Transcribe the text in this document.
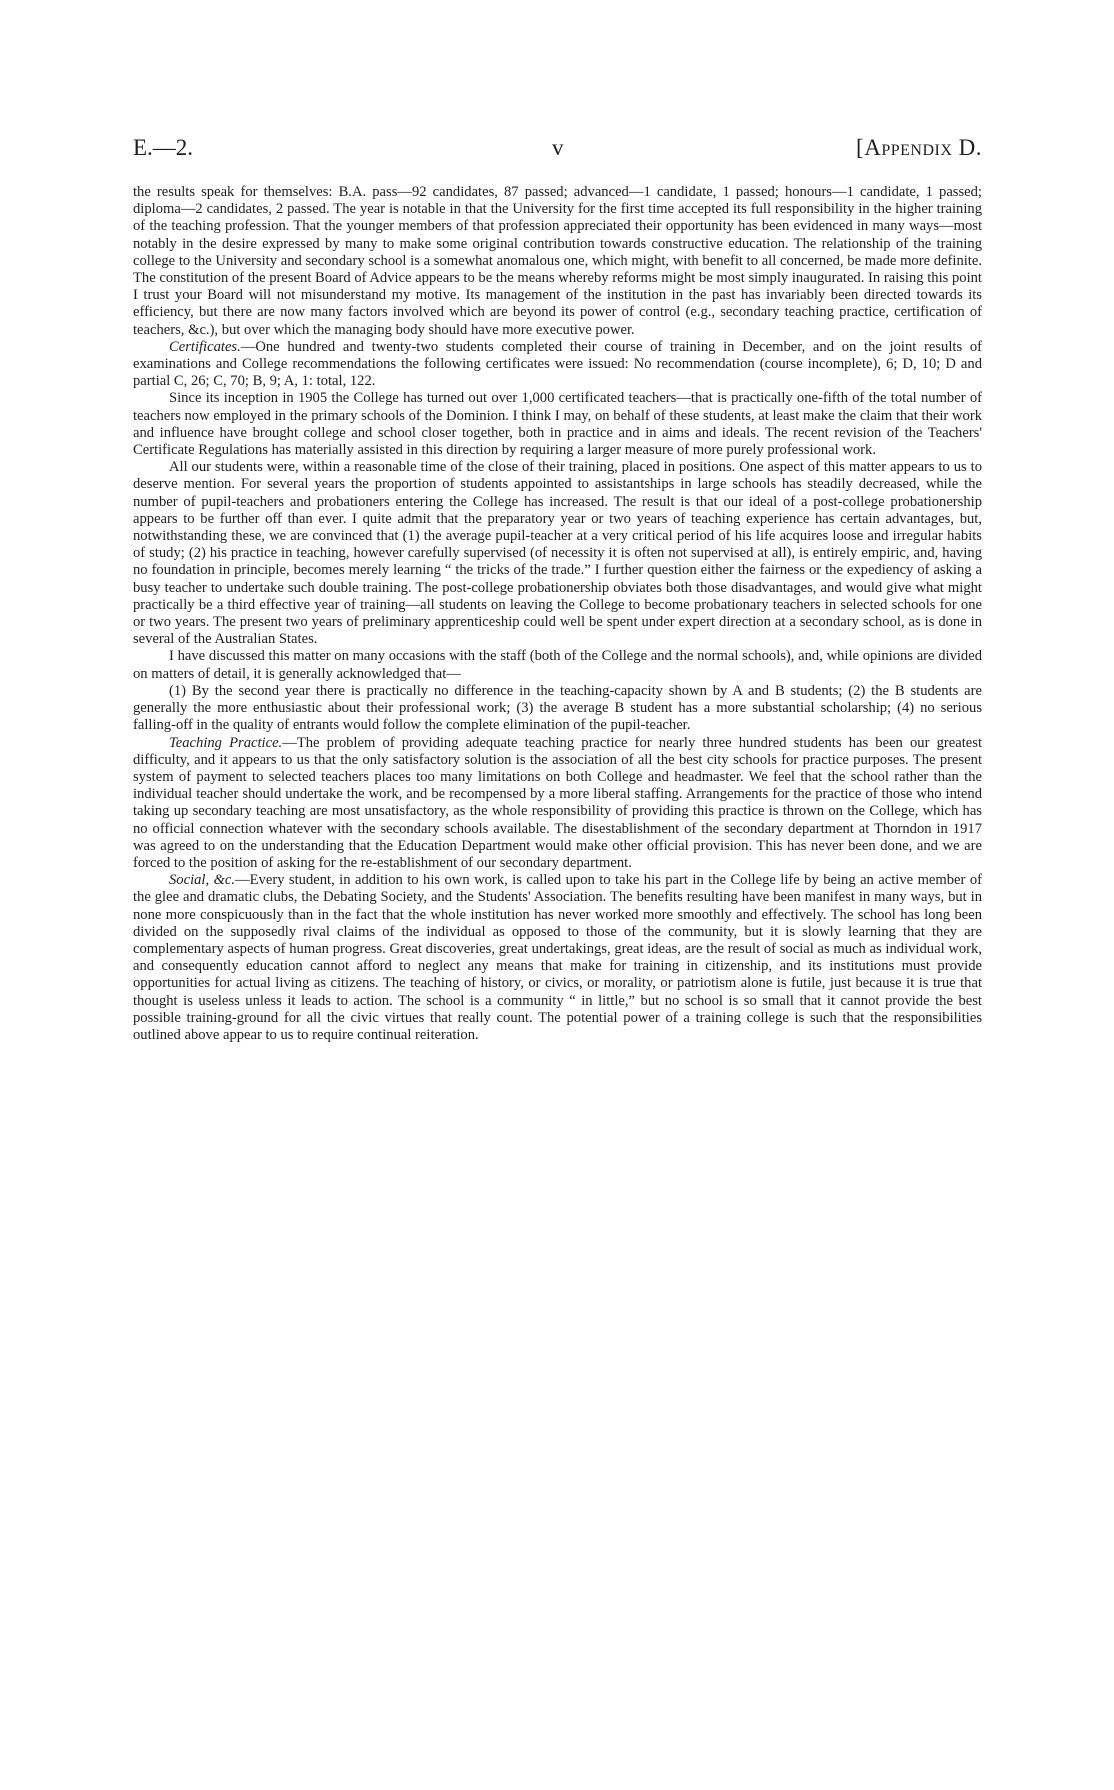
E.—2.	v	[Appendix D.

the results speak for themselves: B.A. pass—92 candidates, 87 passed; advanced—1 candidate, 1 passed; honours—1 candidate, 1 passed; diploma—2 candidates, 2 passed. The year is notable in that the University for the first time accepted its full responsibility in the higher training of the teaching profession. That the younger members of that profession appreciated their opportunity has been evidenced in many ways—most notably in the desire expressed by many to make some original contribution towards constructive education. The relationship of the training college to the University and secondary school is a somewhat anomalous one, which might, with benefit to all concerned, be made more definite. The constitution of the present Board of Advice appears to be the means whereby reforms might be most simply inaugurated. In raising this point I trust your Board will not misunderstand my motive. Its management of the institution in the past has invariably been directed towards its efficiency, but there are now many factors involved which are beyond its power of control (e.g., secondary teaching practice, certification of teachers, &c.), but over which the managing body should have more executive power.

Certificates.—One hundred and twenty-two students completed their course of training in December, and on the joint results of examinations and College recommendations the following certificates were issued: No recommendation (course incomplete), 6; D, 10; D and partial C, 26; C, 70; B, 9; A, 1: total, 122.

Since its inception in 1905 the College has turned out over 1,000 certificated teachers—that is practically one-fifth of the total number of teachers now employed in the primary schools of the Dominion. I think I may, on behalf of these students, at least make the claim that their work and influence have brought college and school closer together, both in practice and in aims and ideals. The recent revision of the Teachers' Certificate Regulations has materially assisted in this direction by requiring a larger measure of more purely professional work.

All our students were, within a reasonable time of the close of their training, placed in positions. One aspect of this matter appears to us to deserve mention. For several years the proportion of students appointed to assistantships in large schools has steadily decreased, while the number of pupil-teachers and probationers entering the College has increased. The result is that our ideal of a post-college probationership appears to be further off than ever. I quite admit that the preparatory year or two years of teaching experience has certain advantages, but, notwithstanding these, we are convinced that (1) the average pupil-teacher at a very critical period of his life acquires loose and irregular habits of study; (2) his practice in teaching, however carefully supervised (of necessity it is often not supervised at all), is entirely empiric, and, having no foundation in principle, becomes merely learning “ the tricks of the trade.” I further question either the fairness or the expediency of asking a busy teacher to undertake such double training. The post-college probationership obviates both those disadvantages, and would give what might practically be a third effective year of training—all students on leaving the College to become probationary teachers in selected schools for one or two years. The present two years of preliminary apprenticeship could well be spent under expert direction at a secondary school, as is done in several of the Australian States.

I have discussed this matter on many occasions with the staff (both of the College and the normal schools), and, while opinions are divided on matters of detail, it is generally acknowledged that—

(1) By the second year there is practically no difference in the teaching-capacity shown by A and B students; (2) the B students are generally the more enthusiastic about their professional work; (3) the average B student has a more substantial scholarship; (4) no serious falling-off in the quality of entrants would follow the complete elimination of the pupil-teacher.

Teaching Practice.—The problem of providing adequate teaching practice for nearly three hundred students has been our greatest difficulty, and it appears to us that the only satisfactory solution is the association of all the best city schools for practice purposes. The present system of payment to selected teachers places too many limitations on both College and headmaster. We feel that the school rather than the individual teacher should undertake the work, and be recompensed by a more liberal staffing. Arrangements for the practice of those who intend taking up secondary teaching are most unsatisfactory, as the whole responsibility of providing this practice is thrown on the College, which has no official connection whatever with the secondary schools available. The disestablishment of the secondary department at Thorndon in 1917 was agreed to on the understanding that the Education Department would make other official provision. This has never been done, and we are forced to the position of asking for the re-establishment of our secondary department.

Social, &c.—Every student, in addition to his own work, is called upon to take his part in the College life by being an active member of the glee and dramatic clubs, the Debating Society, and the Students' Association. The benefits resulting have been manifest in many ways, but in none more conspicuously than in the fact that the whole institution has never worked more smoothly and effectively. The school has long been divided on the supposedly rival claims of the individual as opposed to those of the community, but it is slowly learning that they are complementary aspects of human progress. Great discoveries, great undertakings, great ideas, are the result of social as much as individual work, and consequently education cannot afford to neglect any means that make for training in citizenship, and its institutions must provide opportunities for actual living as citizens. The teaching of history, or civics, or morality, or patriotism alone is futile, just because it is true that thought is useless unless it leads to action. The school is a community “ in little,” but no school is so small that it cannot provide the best possible training-ground for all the civic virtues that really count. The potential power of a training college is such that the responsibilities outlined above appear to us to require continual reiteration.
